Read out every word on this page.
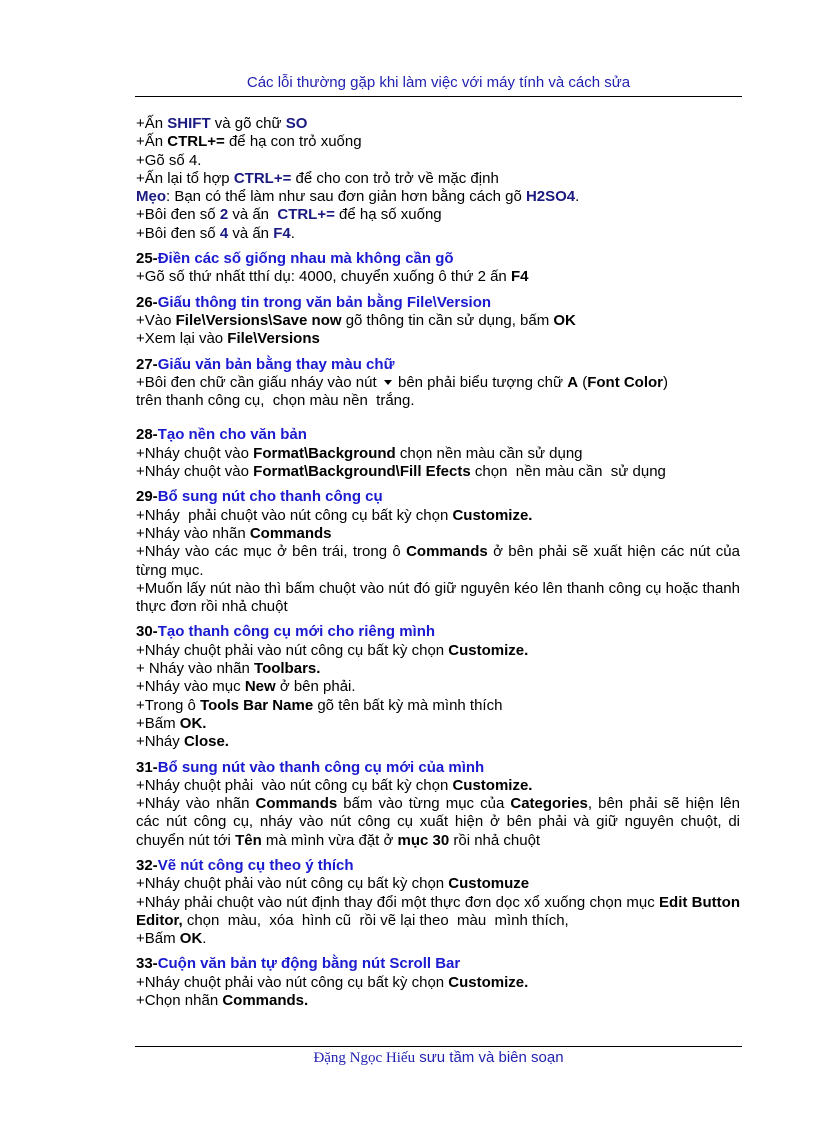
Các lỗi thường gặp khi làm việc với máy tính và cách sửa
+Ấn SHIFT và gõ chữ SO
+Ấn CTRL+= để hạ con trỏ xuống
+Gõ số 4.
+Ấn lại tổ hợp CTRL+= để cho con trỏ trở về mặc định
Mẹo: Bạn có thể làm như sau đơn giản hơn bằng cách gõ H2SO4.
+Bôi đen số 2 và ấn  CTRL+= để hạ số xuống
+Bôi đen số 4 và ấn F4.
25-Điền các số giống nhau mà không cần gõ
+Gõ số thứ nhất tthí dụ: 4000, chuyển xuống ô thứ 2 ấn F4
26-Giấu thông tin trong văn bản bằng File\Version
+Vào File\Versions\Save now gõ thông tin cần sử dụng, bấm OK
+Xem lại vào File\Versions
27-Giấu văn bản bằng thay màu chữ
+Bôi đen chữ cần giấu nháy vào nút  bên phải biểu tượng chữ A (Font Color)
trên thanh công cụ,  chọn màu nền  trắng.
28-Tạo nền cho văn bản
+Nháy chuột vào Format\Background chọn nền màu cần sử dụng
+Nháy chuột vào Format\Background\Fill Efects chọn  nền màu cần  sử dụng
29-Bổ sung nút cho thanh công cụ
+Nháy  phải chuột vào nút công cụ bất kỳ chọn Customize.
+Nháy vào nhãn Commands
+Nháy vào các mục ở bên trái, trong ô Commands ở bên phải sẽ xuất hiện các nút của từng mục.
+Muốn lấy nút nào thì bấm chuột vào nút đó giữ nguyên kéo lên thanh công cụ hoặc thanh thực đơn rồi nhả chuột
30-Tạo thanh công cụ mới cho riêng mình
+Nháy chuột phải vào nút công cụ bất kỳ chọn Customize.
+ Nháy vào nhãn Toolbars.
+Nháy vào mục New ở bên phải.
+Trong ô Tools Bar Name gõ tên bất kỳ mà mình thích
+Bấm OK.
+Nháy Close.
31-Bổ sung nút vào thanh công cụ mới của mình
+Nháy chuột phải  vào nút công cụ bất kỳ chọn Customize.
+Nháy vào nhãn Commands bấm vào từng mục của Categories, bên phải sẽ hiện lên các nút công cụ, nháy vào nút công cụ xuất hiện ở bên phải và giữ nguyên chuột, di chuyển nút tới Tên mà mình vừa đặt ở mục 30 rồi nhả chuột
32-Vẽ nút công cụ theo ý thích
+Nháy chuột phải vào nút công cụ bất kỳ chọn Customuze
+Nháy phải chuột vào nút định thay đổi một thực đơn dọc xổ xuống chọn mục Edit Button Editor, chọn  màu,  xóa  hình cũ  rồi vẽ lại theo  màu  mình thích,
+Bấm OK.
33-Cuộn văn bản tự động bằng nút Scroll Bar
+Nháy chuột phải vào nút công cụ bất kỳ chọn Customize.
+Chọn nhãn Commands.
Đặng Ngọc Hiếu sưu tầm và biên soạn
